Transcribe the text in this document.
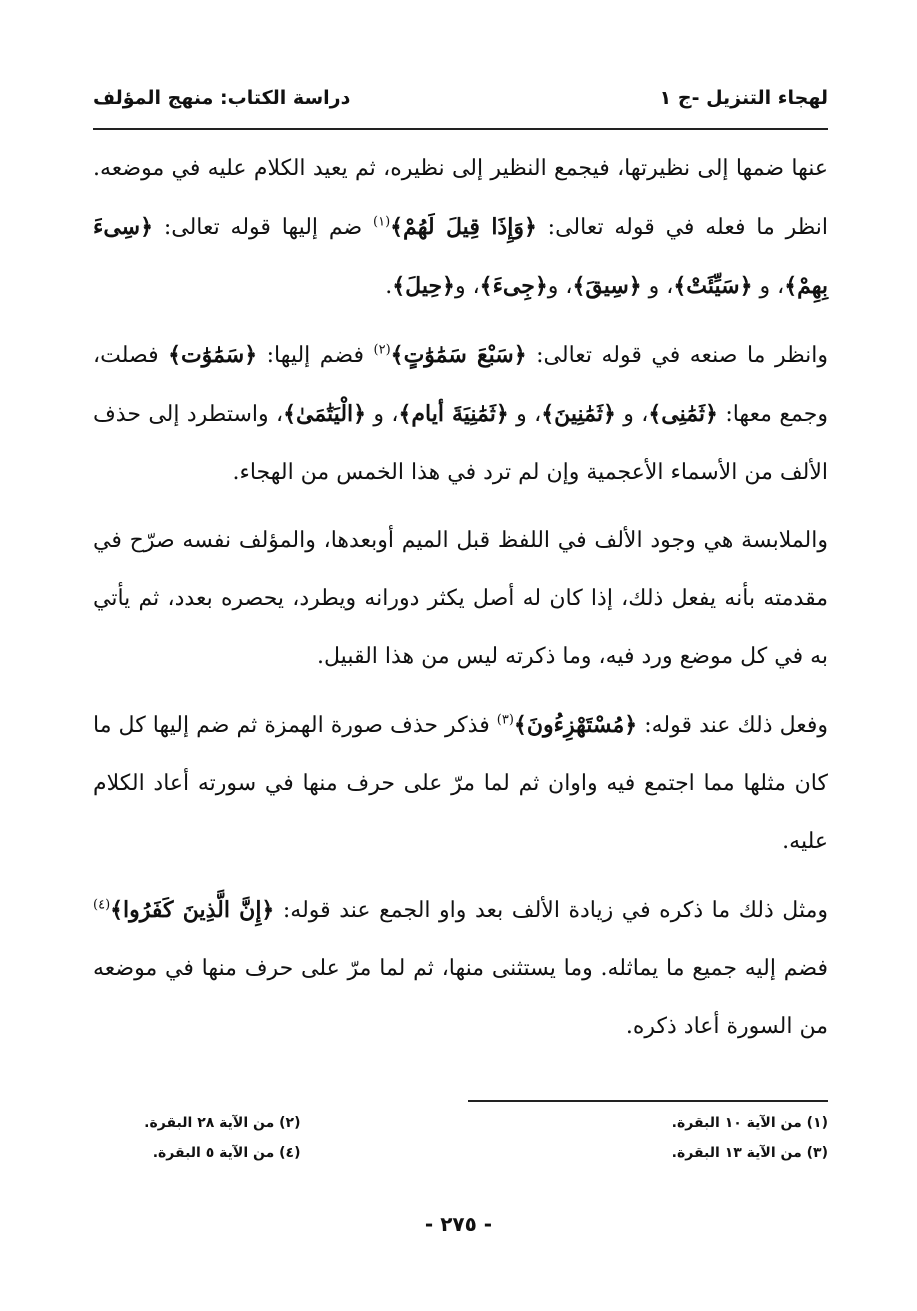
لهجاء التنزيل -ج ١
دراسة الكتاب: منهج المؤلف

عنها ضمها إلى نظيرتها، فيجمع النظير إلى نظيره، ثم يعيد الكلام عليه في موضعه. انظر ما فعله في قوله تعالى: ﴿وَإِذَا قِيلَ لَهُمْ﴾$^{(١)}$ ضم إليها قوله تعالى: ﴿سِىءَ بِهِمْ﴾، و ﴿سَيِّئَتْ﴾، و ﴿سِيقَ﴾، و﴿جِىءَ﴾، و﴿حِيلَ﴾.

وانظر ما صنعه في قوله تعالى: ﴿سَبْعَ سَمَٰوَٰتٍ﴾$^{(٢)}$ فضم إليها: ﴿سَمَٰوَٰت﴾ فصلت، وجمع معها: ﴿ثَمَٰنِى﴾، و ﴿ثَمَٰنِينَ﴾، و ﴿ثَمَٰنِيَةَ أيام﴾، و ﴿الْيَتَٰمَىٰ﴾، واستطرد إلى حذف الألف من الأسماء الأعجمية وإن لم ترد في هذا الخمس من الهجاء.

والملابسة هي وجود الألف في اللفظ قبل الميم أوبعدها، والمؤلف نفسه صرّح في مقدمته بأنه يفعل ذلك، إذا كان له أصل يكثر دورانه ويطرد، يحصره بعدد، ثم يأتي به في كل موضع ورد فيه، وما ذكرته ليس من هذا القبيل.

وفعل ذلك عند قوله: ﴿مُسْتَهْزِءُونَ﴾$^{(٣)}$ فذكر حذف صورة الهمزة ثم ضم إليها كل ما كان مثلها مما اجتمع فيه واوان ثم لما مرّ على حرف منها في سورته أعاد الكلام عليه.

ومثل ذلك ما ذكره في زيادة الألف بعد واو الجمع عند قوله: ﴿إِنَّ الَّذِينَ كَفَرُوا﴾$^{(٤)}$ فضم إليه جميع ما يماثله. وما يستثنى منها، ثم لما مرّ على حرف منها في موضعه من السورة أعاد ذكره.

(١) من الآية ١٠ البقرة.
(٢) من الآية ٢٨ البقرة.
(٣) من الآية ١٣ البقرة.
(٤) من الآية ٥ البقرة.
- ٢٧٥ -
